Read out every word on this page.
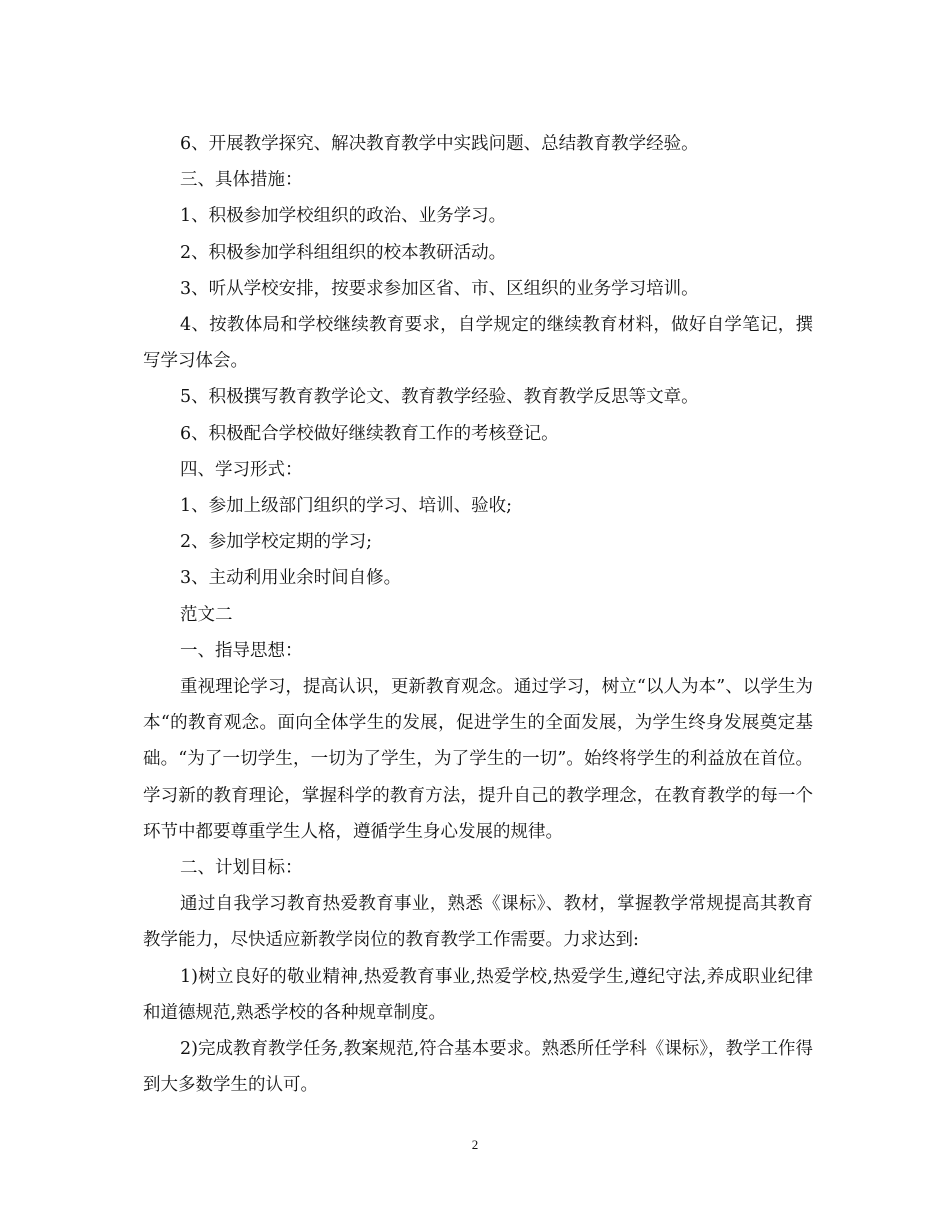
6、开展教学探究、解决教育教学中实践问题、总结教育教学经验。

三、具体措施：

1、积极参加学校组织的政治、业务学习。

2、积极参加学科组组织的校本教研活动。

3、听从学校安排，按要求参加区省、市、区组织的业务学习培训。

4、按教体局和学校继续教育要求，自学规定的继续教育材料，做好自学笔记，撰写学习体会。

5、积极撰写教育教学论文、教育教学经验、教育教学反思等文章。

6、积极配合学校做好继续教育工作的考核登记。

四、学习形式：

1、参加上级部门组织的学习、培训、验收;

2、参加学校定期的学习;

3、主动利用业余时间自修。

范文二

一、指导思想：

重视理论学习，提高认识，更新教育观念。通过学习，树立“以人为本”、以学生为本“的教育观念。面向全体学生的发展，促进学生的全面发展，为学生终身发展奠定基础。“为了一切学生，一切为了学生，为了学生的一切”。始终将学生的利益放在首位。学习新的教育理论，掌握科学的教育方法，提升自己的教学理念，在教育教学的每一个环节中都要尊重学生人格，遵循学生身心发展的规律。

二、计划目标：

通过自我学习教育热爱教育事业，熟悉《课标》、教材，掌握教学常规提高其教育教学能力，尽快适应新教学岗位的教育教学工作需要。力求达到:

1)树立良好的敬业精神,热爱教育事业,热爱学校,热爱学生,遵纪守法,养成职业纪律和道德规范,熟悉学校的各种规章制度。

2)完成教育教学任务,教案规范,符合基本要求。熟悉所任学科《课标》，教学工作得到大多数学生的认可。

2
